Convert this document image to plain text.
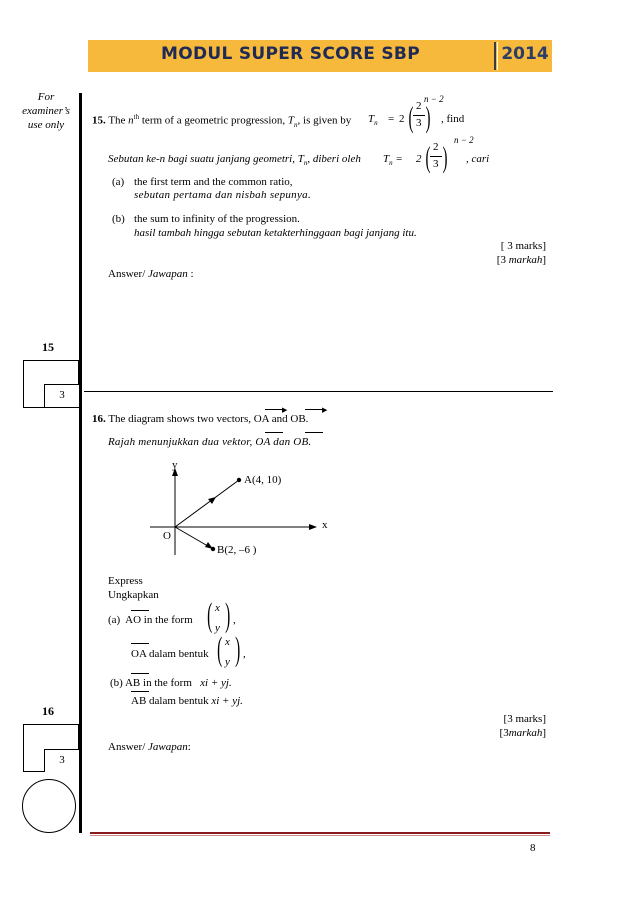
MODUL SUPER SCORE SBP	2014
For
examiner’s
use only
15
3
16
3
15. The $n^{th}$ term of a geometric progression, $T_n$, is given by $T_n = 2$ ( 2
3 )
n − 2
, find
Sebutan ke-n bagi suatu janjang geometri, $T_n$, diberi oleh $T_n = 2$ ( 2
3 )
n − 2
, cari
(a) the first term and the common ratio,
sebutan pertama dan nisbah sepunya.
(b) the sum to infinity of the progression.
hasil tambah hingga sebutan ketakterhinggaan bagi janjang itu.
[ 3 marks]
[3 markah]
Answer/ Jawapan :
▶	▶
16. The diagram shows two vectors, OA and OB.
Rajah menunjukkan dua vektor, OA dan OB.
y
x
O
A(4, 10)
B(2, –6 )
Express
Ungkapkan
(a) AO in the form ( x
y ) ,
OA dalam bentuk ( x
y ) ,
(b) AB in the form xi + yj.
AB dalam bentuk xi + yj.
[3 marks]
[3markah]
Answer/ Jawapan:
8
